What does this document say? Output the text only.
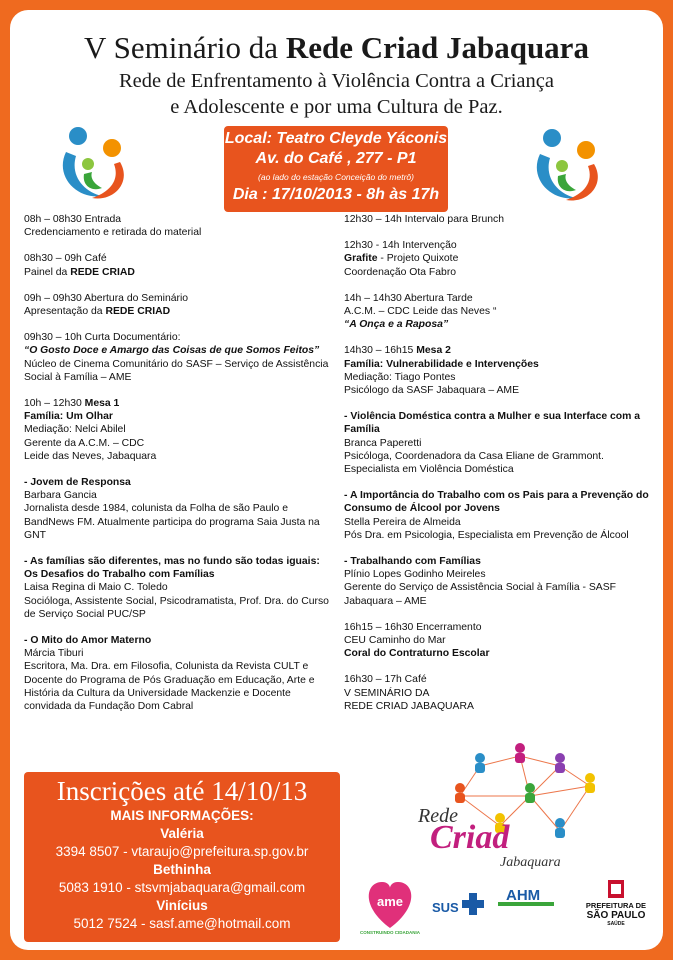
V Seminário da Rede Criad Jabaquara
Rede de Enfrentamento à Violência Contra a Criança
e Adolescente e por uma Cultura de Paz.
Local: Teatro Cleyde Yáconis
Av. do Café , 277 - P1
(ao lado do estação Conceição do metrô)
Dia : 17/10/2013 - 8h às 17h

08h – 08h30 Entrada

Credenciamento e retirada do material

08h30 – 09h Café

Painel da REDE CRIAD

09h – 09h30 Abertura do Seminário

Apresentação da REDE CRIAD

09h30 – 10h Curta Documentário:

“O Gosto Doce e Amargo das Coisas de que Somos Feitos”

Núcleo de Cinema Comunitário do SASF – Serviço de Assistência Social à Família – AME

10h – 12h30 Mesa 1

Família: Um Olhar

Mediação: Nelci Abilel

Gerente da A.C.M. – CDC

Leide das Neves, Jabaquara

- Jovem de Responsa

Barbara Gancia

Jornalista desde 1984, colunista da Folha de são Paulo e BandNews FM. Atualmente participa do programa Saia Justa na GNT

- As famílias são diferentes, mas no fundo são todas iguais: Os Desafios do Trabalho com Famílias

Laisa Regina di Maio C. Toledo

Socióloga, Assistente Social, Psicodramatista, Prof. Dra. do Curso de Serviço Social PUC/SP

- O Mito do Amor Materno

Márcia Tiburi

Escritora, Ma. Dra. em Filosofia, Colunista da Revista CULT e Docente do Programa de Pós Graduação em Educação, Arte e História da Cultura da Universidade Mackenzie e Docente convidada da Fundação Dom Cabral

12h30 – 14h Intervalo para Brunch

12h30 - 14h Intervenção

Grafite - Projeto Quixote

Coordenação Ota Fabro

14h – 14h30 Abertura Tarde

A.C.M. – CDC Leide das Neves “

“A Onça e a Raposa”

14h30 – 16h15 Mesa 2

Família: Vulnerabilidade e Intervenções

Mediação: Tiago Pontes

Psicólogo da SASF Jabaquara – AME

- Violência Doméstica contra a Mulher e sua Interface com a Família

Branca Paperetti

Psicóloga, Coordenadora da Casa Eliane de Grammont. Especialista em Violência Doméstica

- A Importância do Trabalho com os Pais para a Prevenção do Consumo de Álcool por Jovens

Stella Pereira de Almeida

Pós Dra. em Psicologia, Especialista em Prevenção de Álcool

- Trabalhando com Famílias

Plínio Lopes Godinho Meireles

Gerente do Serviço de Assistência Social à Família - SASF Jabaquara – AME

16h15 – 16h30 Encerramento

CEU Caminho do Mar

Coral do Contraturno Escolar

16h30 – 17h Café

V SEMINÁRIO DA

REDE CRIAD JABAQUARA

Inscrições até 14/10/13
MAIS INFORMAÇÕES:
Valéria
3394 8507 - vtaraujo@prefeitura.sp.gov.br
Bethinha
5083 1910 - stsvmjabaquara@gmail.com
Vinícius
5012 7524 - sasf.ame@hotmail.com
Rede
Criad
Jabaquara
ame
CONSTRUINDO CIDADANIA
SUS
AHM
PREFEITURA DE
SÃO PAULO
SAÚDE
